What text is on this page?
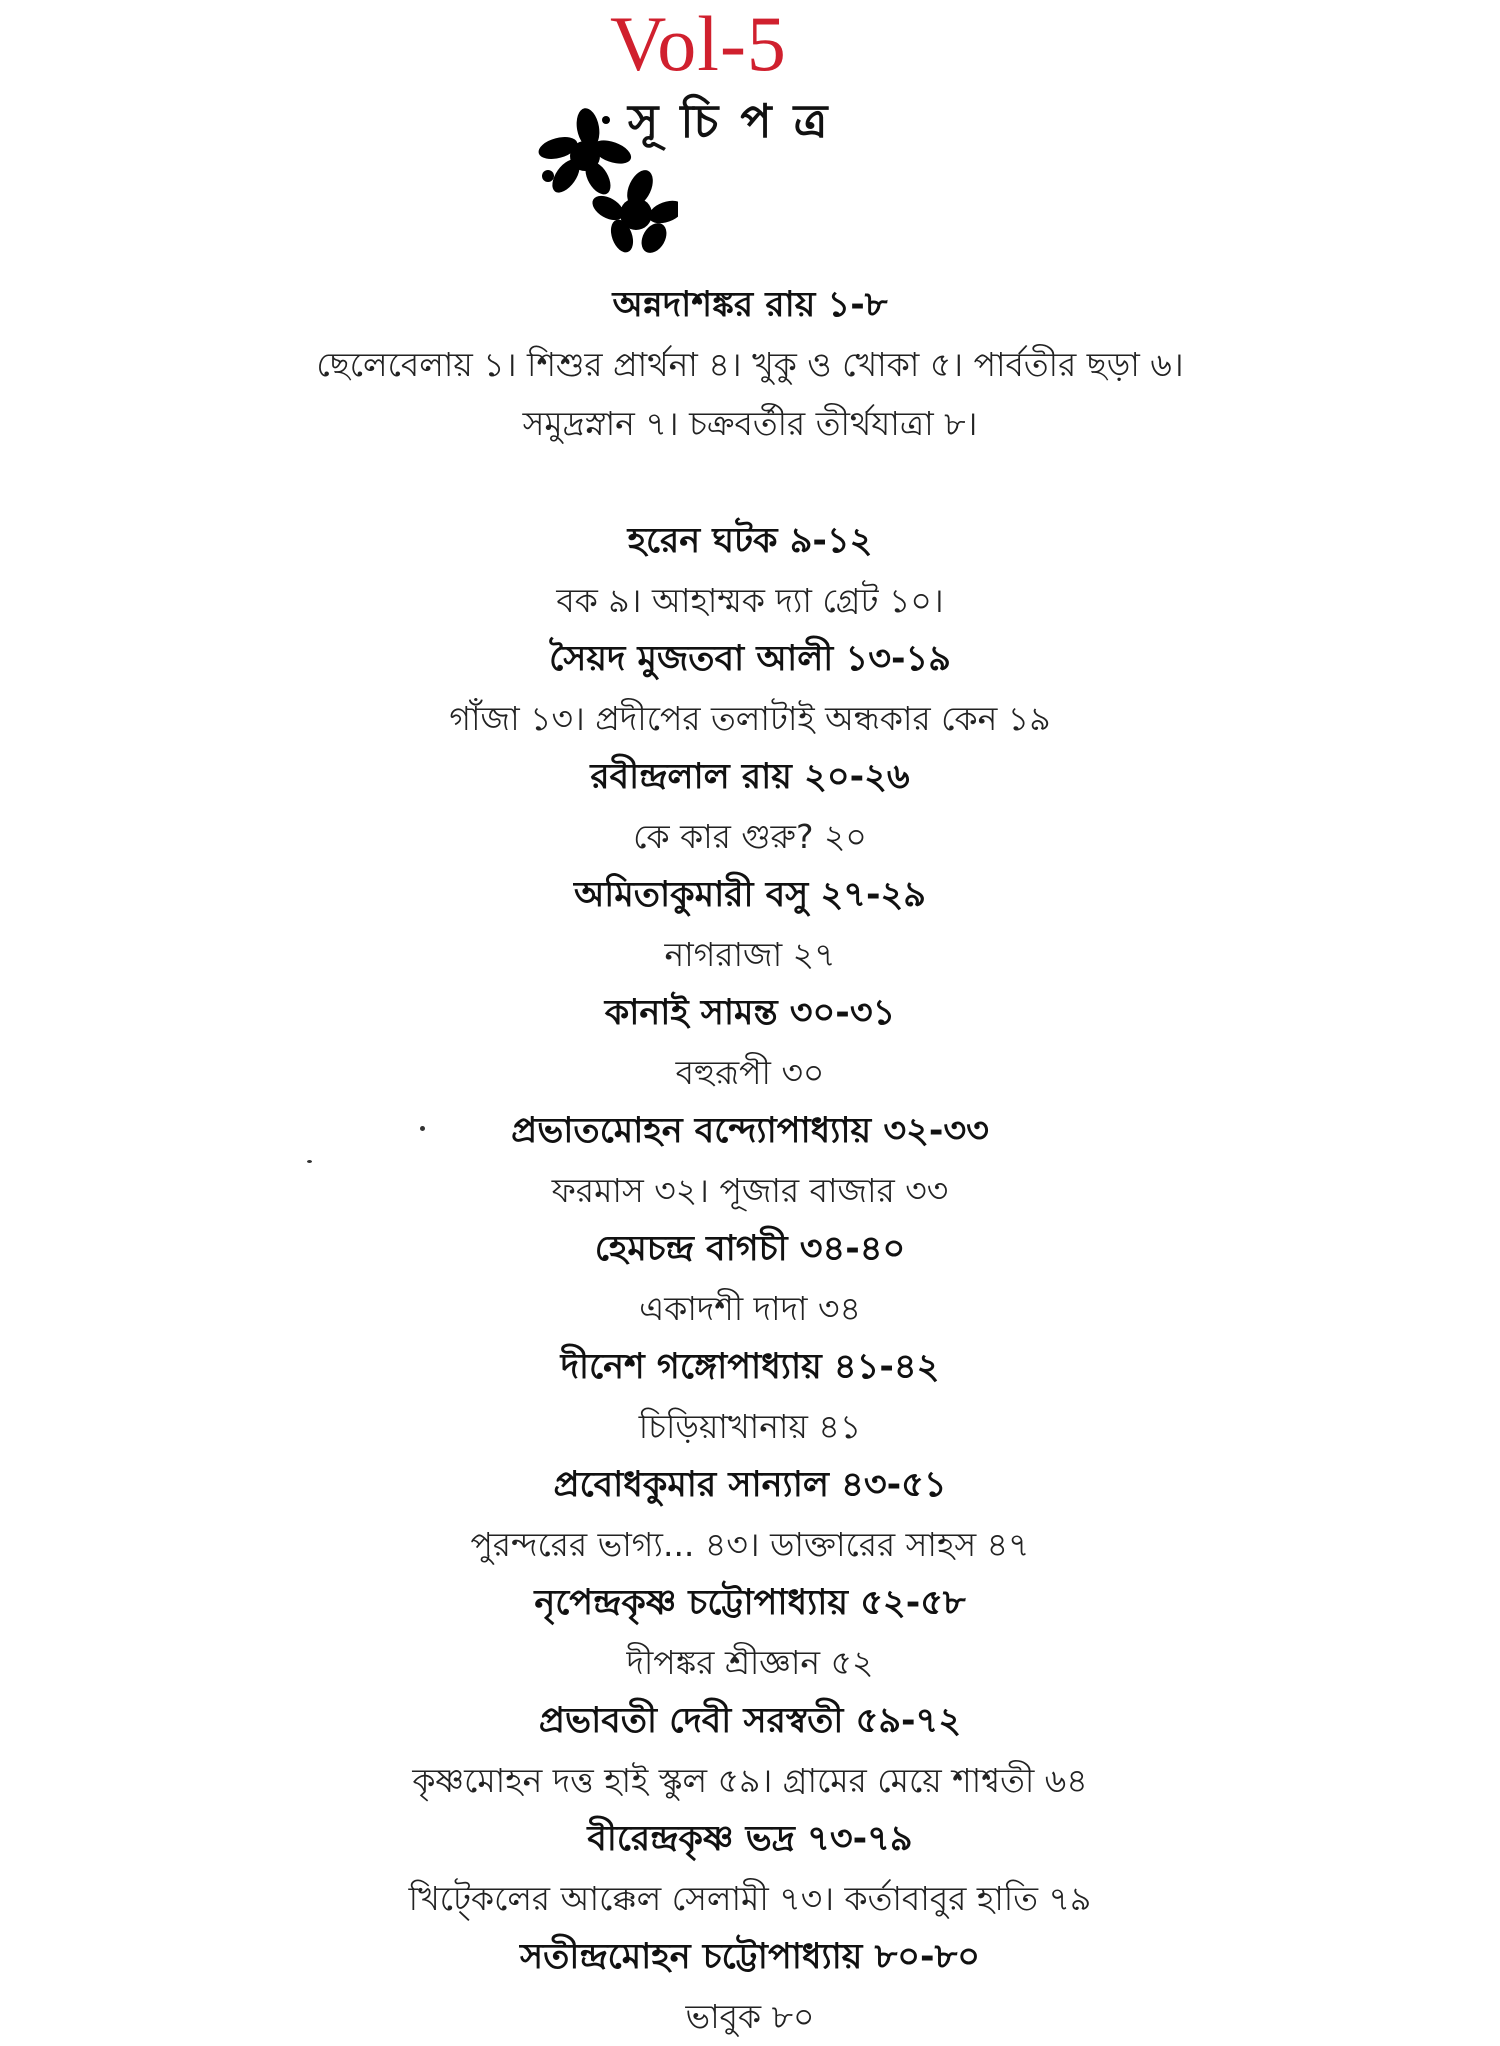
Vol-5
সূচিপত্র
অন্নদাশঙ্কর রায় ১-৮
ছেলেবেলায় ১। শিশুর প্রার্থনা ৪। খুকু ও খোকা ৫। পার্বতীর ছড়া ৬।
সমুদ্রস্নান ৭। চক্রবর্তীর তীর্থযাত্রা ৮।
হরেন ঘটক ৯-১২
বক ৯। আহাম্মক দ্যা গ্রেট ১০।
সৈয়দ মুজতবা আলী ১৩-১৯
গাঁজা ১৩। প্রদীপের তলাটাই অন্ধকার কেন ১৯
রবীন্দ্রলাল রায় ২০-২৬
কে কার গুরু? ২০
অমিতাকুমারী বসু ২৭-২৯
নাগরাজা ২৭
কানাই সামন্ত ৩০-৩১
বহুরূপী ৩০
প্রভাতমোহন বন্দ্যোপাধ্যায় ৩২-৩৩
ফরমাস ৩২। পূজার বাজার ৩৩
হেমচন্দ্র বাগচী ৩৪-৪০
একাদশী দাদা ৩৪
দীনেশ গঙ্গোপাধ্যায় ৪১-৪২
চিড়িয়াখানায় ৪১
প্রবোধকুমার সান্যাল ৪৩-৫১
পুরন্দরের ভাগ্য... ৪৩। ডাক্তারের সাহস ৪৭
নৃপেন্দ্রকৃষ্ণ চট্টোপাধ্যায় ৫২-৫৮
দীপঙ্কর শ্রীজ্ঞান ৫২
প্রভাবতী দেবী সরস্বতী ৫৯-৭২
কৃষ্ণমোহন দত্ত হাই স্কুল ৫৯। গ্রামের মেয়ে শাশ্বতী ৬৪
বীরেন্দ্রকৃষ্ণ ভদ্র ৭৩-৭৯
খিট্কেলের আক্কেল সেলামী ৭৩। কর্তাবাবুর হাতি ৭৯
সতীন্দ্রমোহন চট্টোপাধ্যায় ৮০-৮০
ভাবুক ৮০
